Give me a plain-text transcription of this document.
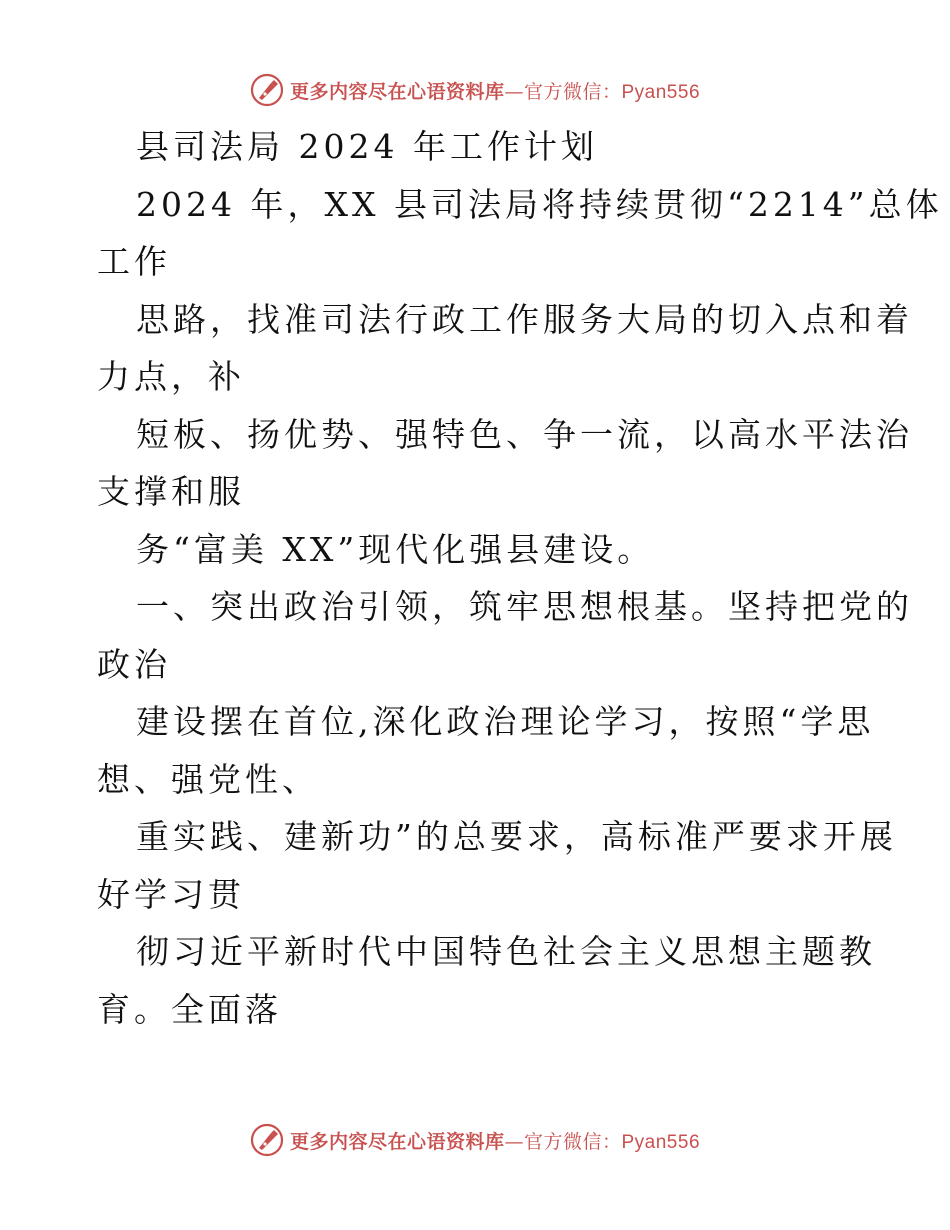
更多内容尽在心语资料库—官方微信：Pyan556
县司法局 2024 年工作计划
2024 年，XX 县司法局将持续贯彻“2214”总体
工作
思路，找准司法行政工作服务大局的切入点和着
力点，补
短板、扬优势、强特色、争一流，以高水平法治
支撑和服
务“富美 XX”现代化强县建设。
一、突出政治引领，筑牢思想根基。坚持把党的
政治
建设摆在首位,深化政治理论学习，按照“学思
想、强党性、
重实践、建新功”的总要求，高标准严要求开展
好学习贯
彻习近平新时代中国特色社会主义思想主题教
育。全面落
更多内容尽在心语资料库—官方微信：Pyan556
